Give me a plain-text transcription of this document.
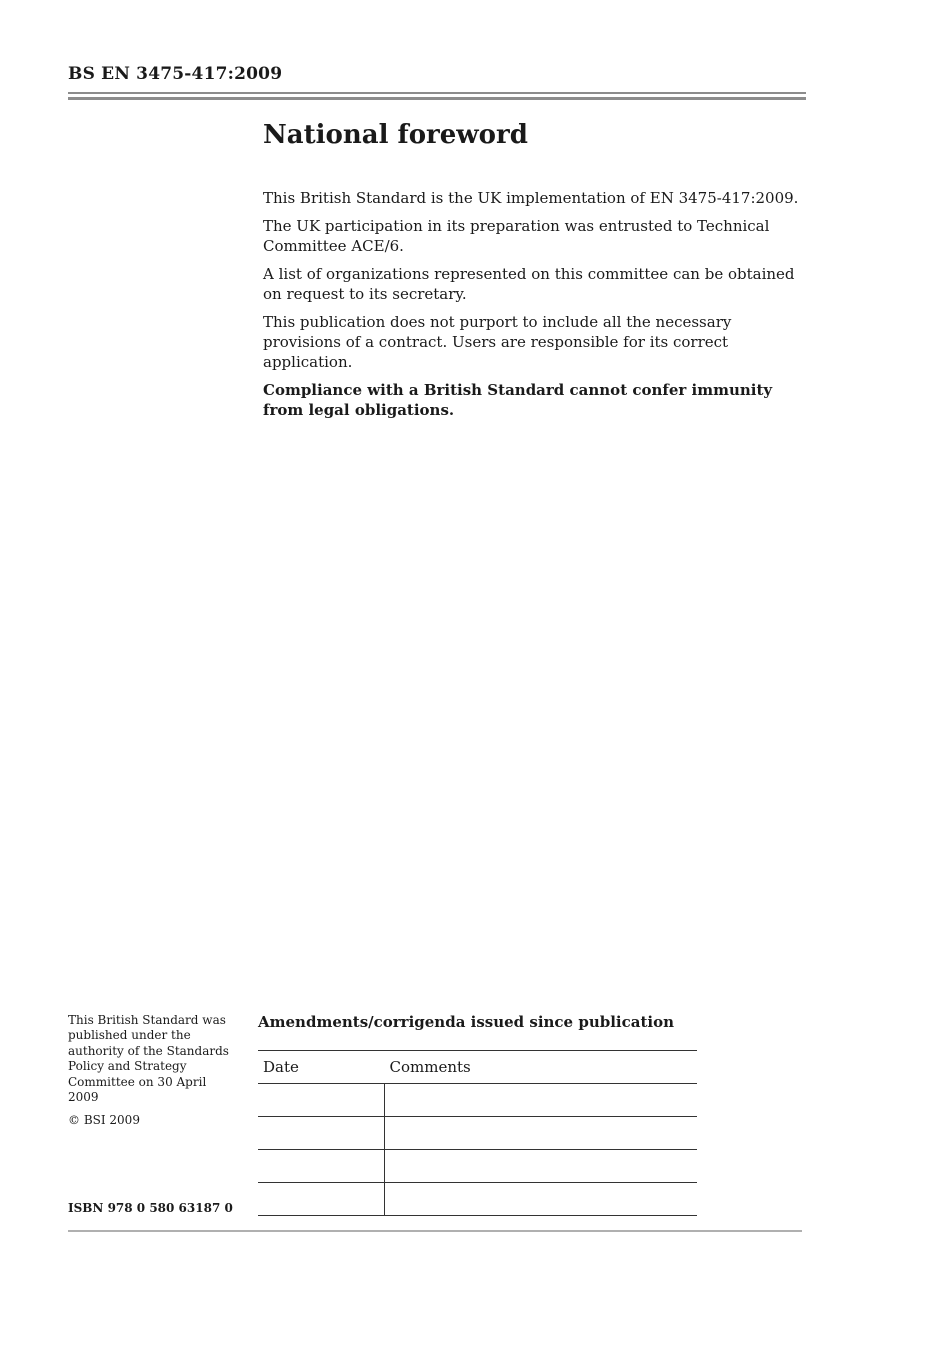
BS EN 3475-417:2009
National foreword

This British Standard is the UK implementation of EN 3475-417:2009.

The UK participation in its preparation was entrusted to Technical Committee ACE/6.

A list of organizations represented on this committee can be obtained on request to its secretary.

This publication does not purport to include all the necessary provisions of a contract. Users are responsible for its correct application.

Compliance with a British Standard cannot confer immunity from legal obligations.

This British Standard was published under the authority of the Standards Policy and Strategy Committee on 30 April 2009

© BSI 2009

ISBN 978 0 580 63187 0
Amendments/corrigenda issued since publication
Date	Comments
